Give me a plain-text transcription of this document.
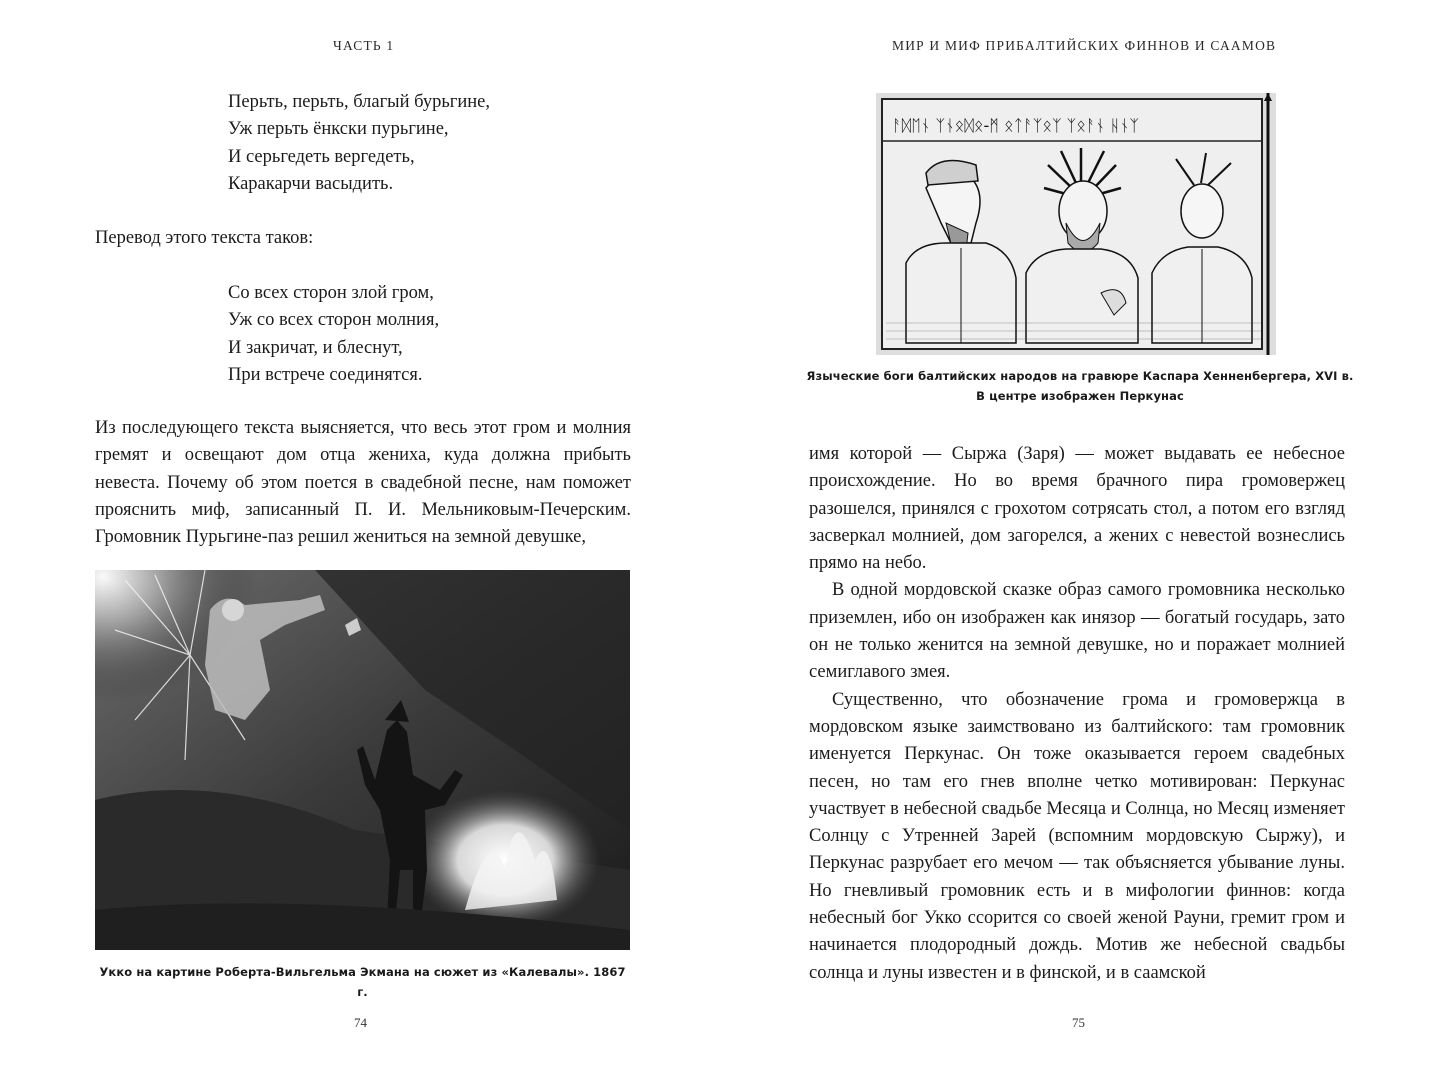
ЧАСТЬ 1
Перьть, перьть, благый бурьгине,
Уж перьть ёнкски пурьгине,
И серьгедеть вергедеть,
Каракарчи васыдить.
Перевод этого текста таков:
Со всех сторон злой гром,
Уж со всех сторон молния,
И закричат, и блеснут,
При встрече соединятся.

Из последующего текста выясняется, что весь этот гром и молния гремят и освещают дом отца жениха, куда должна прибыть невеста. Почему об этом поется в свадебной песне, нам поможет прояснить миф, записанный П. И. Мельниковым-Печерским. Громовник Пурьгине-паз решил жениться на земной девушке,

Укко на картине Роберта-Вильгельма Экмана на сюжет из «Калевалы». 1867 г.
74
МИР И МИФ ПРИБАЛТИЙСКИХ ФИННОВ И СААМОВ
ᚨᛞᛖᚾ ᛉᚾᛟᛞᛟ-ᛗ ᛟᛏᚨᛉᛟᛉ ᛉᛟᚨᚾ ᚺᚾᛉ
Языческие боги балтийских народов на гравюре Каспара Хенненбергера, XVI в.
В центре изображен Перкунас

имя которой — Сыржа (Заря) — может выдавать ее небесное происхождение. Но во время брачного пира громовержец разошелся, принялся с грохотом сотрясать стол, а потом его взгляд засверкал молнией, дом загорелся, а жених с невестой вознеслись прямо на небо.

В одной мордовской сказке образ самого громовника несколько приземлен, ибо он изображен как инязор — богатый государь, зато он не только женится на земной девушке, но и поражает молнией семиглавого змея.

Существенно, что обозначение грома и громовержца в мордовском языке заимствовано из балтийского: там громовник именуется Перкунас. Он тоже оказывается героем свадебных песен, но там его гнев вполне четко мотивирован: Перкунас участвует в небесной свадьбе Месяца и Солнца, но Месяц изменяет Солнцу с Утренней Зарей (вспомним мордовскую Сыржу), и Перкунас разрубает его мечом — так объясняется убывание луны. Но гневливый громовник есть и в мифологии финнов: когда небесный бог Укко ссорится со своей женой Рауни, гремит гром и начинается плодородный дождь. Мотив же небесной свадьбы солнца и луны известен и в финской, и в саамской

75
